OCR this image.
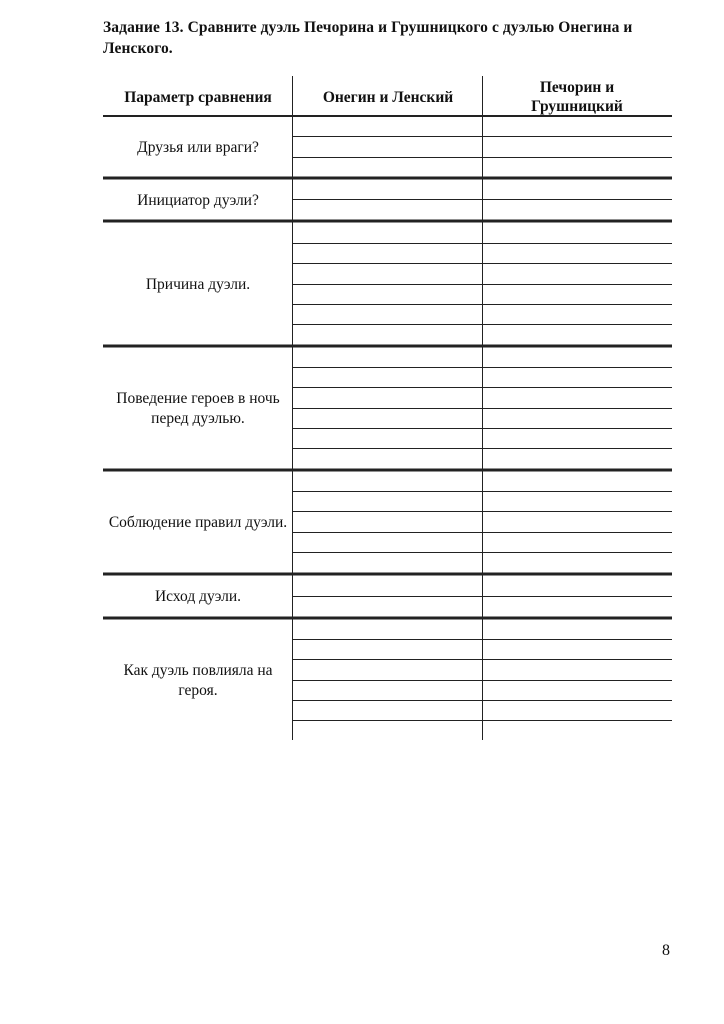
Задание 13. Сравните дуэль Печорина и Грушницкого с дуэлью Онегина и Ленского.
Параметр сравнения	Онегин и Ленский
Печорин и Грушницкий
Друзья или враги?
Инициатор дуэли?
Причина дуэли.
Поведение героев в ночь перед дуэлью.
Соблюдение правил дуэли.
Исход дуэли.
Как дуэль повлияла на героя.
8
